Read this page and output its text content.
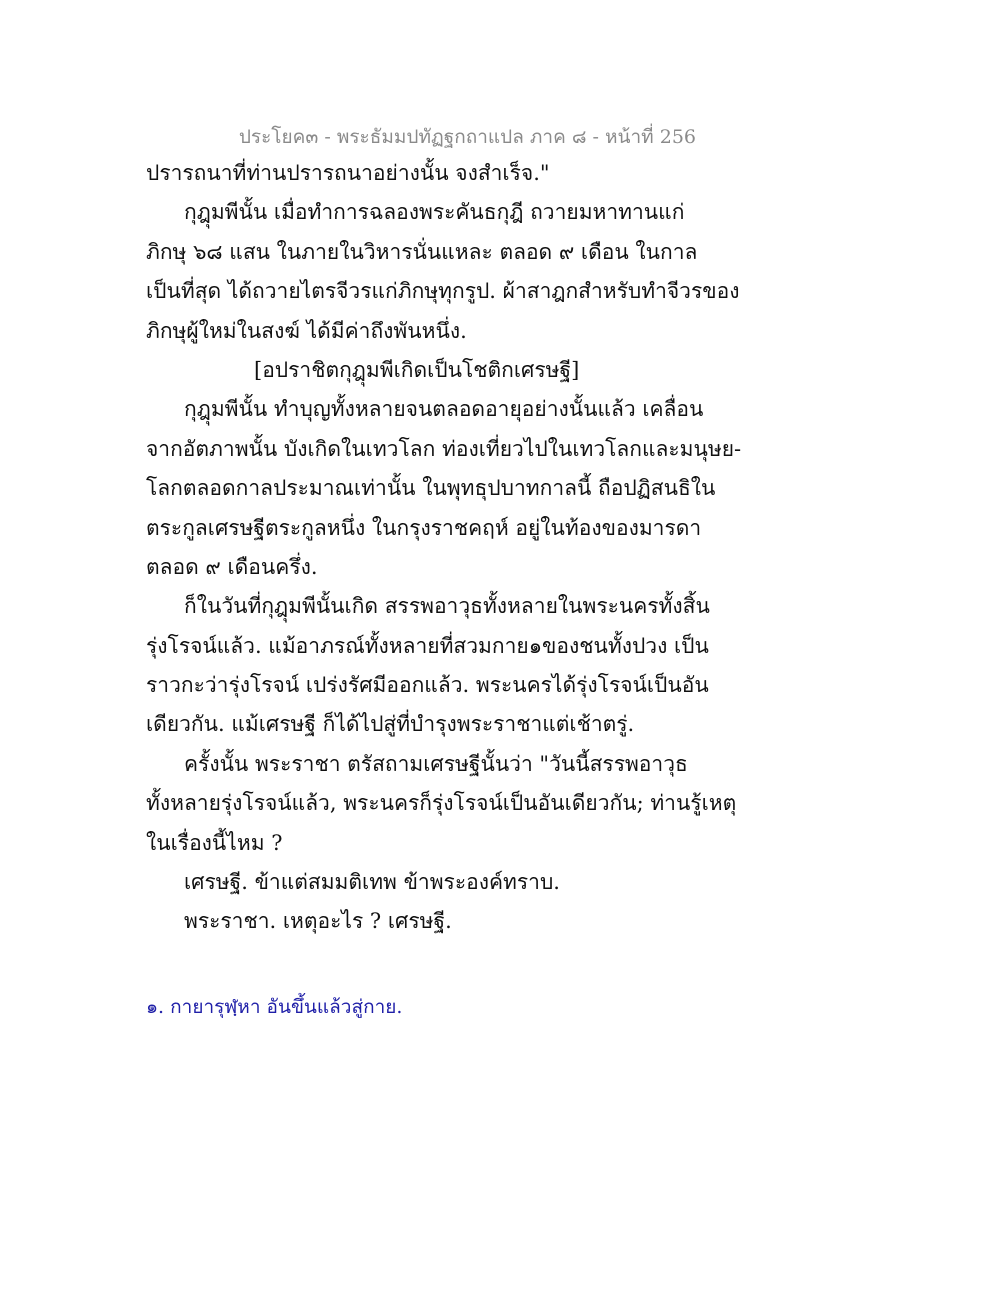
ประโยค๓ - พระธัมมปทัฏฐกถาแปล ภาค ๘ - หน้าที่ 256
ปรารถนาที่ท่านปรารถนาอย่างนั้น จงสำเร็จ."
กุฎุมพีนั้น เมื่อทำการฉลองพระคันธกุฎี ถวายมหาทานแก่
ภิกษุ ๖๘ แสน ในภายในวิหารนั่นแหละ ตลอด ๙ เดือน ในกาล
เป็นที่สุด ได้ถวายไตรจีวรแก่ภิกษุทุกรูป. ผ้าสาฎกสำหรับทำจีวรของ
ภิกษุผู้ใหม่ในสงฆ์ ได้มีค่าถึงพันหนึ่ง.
[อปราชิตกุฎุมพีเกิดเป็นโชติกเศรษฐี]
กุฎุมพีนั้น ทำบุญทั้งหลายจนตลอดอายุอย่างนั้นแล้ว เคลื่อน
จากอัตภาพนั้น บังเกิดในเทวโลก ท่องเที่ยวไปในเทวโลกและมนุษย-
โลกตลอดกาลประมาณเท่านั้น ในพุทธุปบาทกาลนี้ ถือปฏิสนธิใน
ตระกูลเศรษฐีตระกูลหนึ่ง ในกรุงราชคฤห์ อยู่ในท้องของมารดา
ตลอด ๙ เดือนครึ่ง.
ก็ในวันที่กุฎุมพีนั้นเกิด สรรพอาวุธทั้งหลายในพระนครทั้งสิ้น
รุ่งโรจน์แล้ว. แม้อาภรณ์ทั้งหลายที่สวมกาย๑ของชนทั้งปวง เป็น
ราวกะว่ารุ่งโรจน์ เปร่งรัศมีออกแล้ว. พระนครได้รุ่งโรจน์เป็นอัน
เดียวกัน. แม้เศรษฐี ก็ได้ไปสู่ที่บำรุงพระราชาแต่เช้าตรู่.
ครั้งนั้น พระราชา ตรัสถามเศรษฐีนั้นว่า "วันนี้สรรพอาวุธ
ทั้งหลายรุ่งโรจน์แล้ว, พระนครก็รุ่งโรจน์เป็นอันเดียวกัน; ท่านรู้เหตุ
ในเรื่องนี้ไหม ?
เศรษฐี. ข้าแต่สมมติเทพ ข้าพระองค์ทราบ.
พระราชา. เหตุอะไร ? เศรษฐี.
๑. กายารุฬฺหา อันขึ้นแล้วสู่กาย.
